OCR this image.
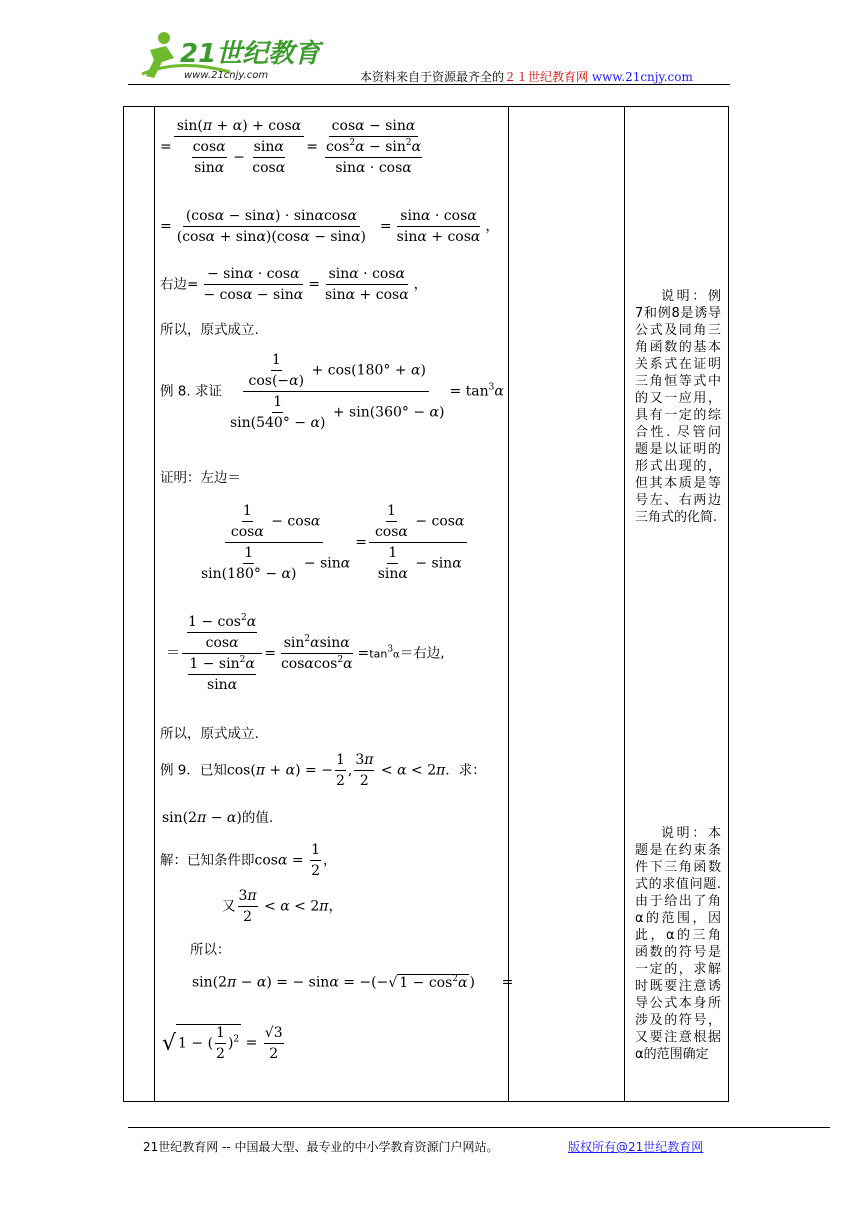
21世纪教育
www.21cnjy.com	本资料来自于资源最齐全的２１世纪教育网 www.21cnjy.com
= $\frac{\sin(\pi + \alpha) + \cos\alpha}{\frac{\cos\alpha}{\sin\alpha} - \frac{\sin\alpha}{\cos\alpha}} = \frac{\cos\alpha - \sin\alpha}{\frac{\cos^2\alpha - \sin^2\alpha}{\sin\alpha \cdot \cos\alpha}}$
= $\frac{(\cos\alpha - \sin\alpha) \cdot \sin\alpha\cos\alpha}{(\cos\alpha + \sin\alpha)(\cos\alpha - \sin\alpha)} = \frac{\sin\alpha \cdot \cos\alpha}{\sin\alpha + \cos\alpha}$ ，
右边= $\frac{- \sin\alpha \cdot \cos\alpha}{- \cos\alpha - \sin\alpha} = \frac{\sin\alpha \cdot \cos\alpha}{\sin\alpha + \cos\alpha}$ ，
所以，原式成立.
例 8. 求证 $\frac{\frac{1}{\cos(-\alpha)} + \cos(180^\circ + \alpha)}{\frac{1}{\sin(540^\circ - \alpha)} + \sin(360^\circ - \alpha)} = \tan^3\alpha$
证明：左边＝
$\frac{\frac{1}{\cos\alpha} - \cos\alpha}{\frac{1}{\sin(180^\circ - \alpha)} - \sin\alpha} = \frac{\frac{1}{\cos\alpha} - \cos\alpha}{\frac{1}{\sin\alpha} - \sin\alpha}$
＝ $\frac{\frac{1 - \cos^2\alpha}{\cos\alpha}}{\frac{1 - \sin^2\alpha}{\sin\alpha}} = \frac{\sin^2\alpha\sin\alpha}{\cos\alpha\cos^2\alpha} =\tan^3\alpha=$右边,
所以，原式成立.
例 9．已知cos(π + α) = − $\frac{1}{2}$ , $\frac{3\pi}{2} < \alpha < 2\pi$．求：
sin(2π − α)的值.
解：已知条件即$\cos\alpha = \frac{1}{2}$ ，
又 $\frac{3\pi}{2} < \alpha < 2\pi$，
所以：
sin(2π − α) = − sinα = −(− √ $1 - \cos^2\alpha$ )      =
√ 1 − ( $\frac{1}{2} )^2 = \frac{√3}{2}$
说明：例7和例8是诱导公式及同角三角函数的基本关系式在证明三角恒等式中的又一应用，具有一定的综合性. 尽管问题是以证明的形式出现的，但其本质是等号左、右两边三角式的化简.
说明：本题是在约束条件下三角函数式的求值问题. 由于给出了角α的范围，因此，α的三角函数的符号是一定的，求解时既要注意诱导公式本身所涉及的符号，又要注意根据α的范围确定
21世纪教育网 -- 中国最大型、最专业的中小学教育资源门户网站。	版权所有@21世纪教育网
